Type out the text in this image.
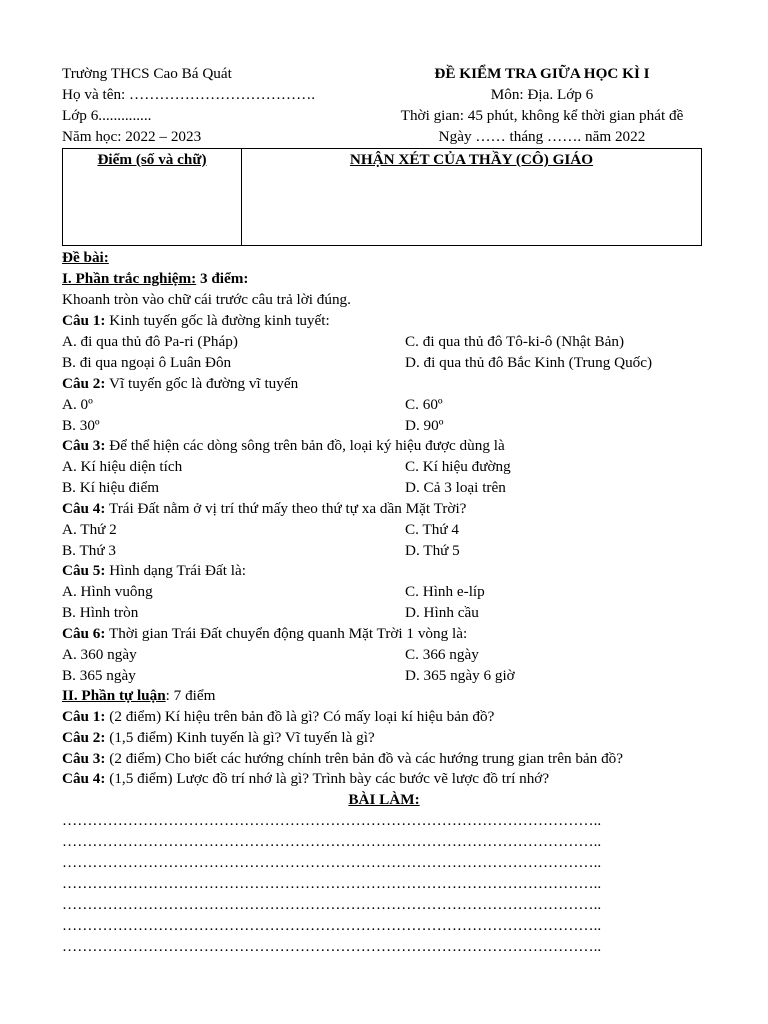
Trường THCS Cao Bá Quát	ĐỀ KIỂM TRA GIỮA HỌC KÌ I
Họ và tên: ……………………………….	Môn: Địa. Lớp 6
Lớp 6..............	Thời gian: 45 phút, không kể thời gian phát đề
Năm học: 2022 – 2023	Ngày …… tháng ……. năm 2022
Điểm (số và chữ)	NHẬN XÉT CỦA THẦY (CÔ) GIÁO
Đề bài:
I. Phần trắc nghiệm: 3 điểm:
Khoanh tròn vào chữ cái trước câu trả lời đúng.
Câu 1: Kinh tuyến gốc là đường kinh tuyết:
A. đi qua thủ đô Pa-ri (Pháp)	C. đi qua thủ đô Tô-ki-ô (Nhật Bản)
B. đi qua ngoại ô Luân Đôn	D. đi qua thủ đô Bắc Kinh (Trung Quốc)
Câu 2: Vĩ tuyến gốc là đường vĩ tuyến
A. 0º	C. 60º
B. 30º	D. 90º
Câu 3: Để thể hiện các dòng sông trên bản đồ, loại ký hiệu được dùng là
A. Kí hiệu diện tích	C. Kí hiệu đường
B. Kí hiệu điểm	D. Cả 3 loại trên
Câu 4: Trái Đất nằm ở vị trí thứ mấy theo thứ tự xa dần Mặt Trời?
A. Thứ 2	C. Thứ 4
B. Thứ 3	D. Thứ 5
Câu 5: Hình dạng Trái Đất là:
A. Hình vuông	C. Hình e-líp
B. Hình tròn	D. Hình cầu
Câu 6: Thời gian Trái Đất chuyển động quanh Mặt Trời 1 vòng là:
A. 360 ngày	C. 366 ngày
B. 365 ngày	D. 365 ngày 6 giờ
II. Phần tự luận: 7 điểm
Câu 1: (2 điểm) Kí hiệu trên bản đồ là gì? Có mấy loại kí hiệu bản đồ?
Câu 2: (1,5 điểm) Kinh tuyến là gì? Vĩ tuyến là gì?
Câu 3: (2 điểm) Cho biết các hướng chính trên bản đồ và các hướng trung gian trên bản đồ?
Câu 4: (1,5 điểm) Lược đồ trí nhớ là gì? Trình bày các bước vẽ lược đồ trí nhớ?
BÀI LÀM:
……………………………………………………………………………………………..
……………………………………………………………………………………………..
……………………………………………………………………………………………..
……………………………………………………………………………………………..
……………………………………………………………………………………………..
……………………………………………………………………………………………..
……………………………………………………………………………………………..
